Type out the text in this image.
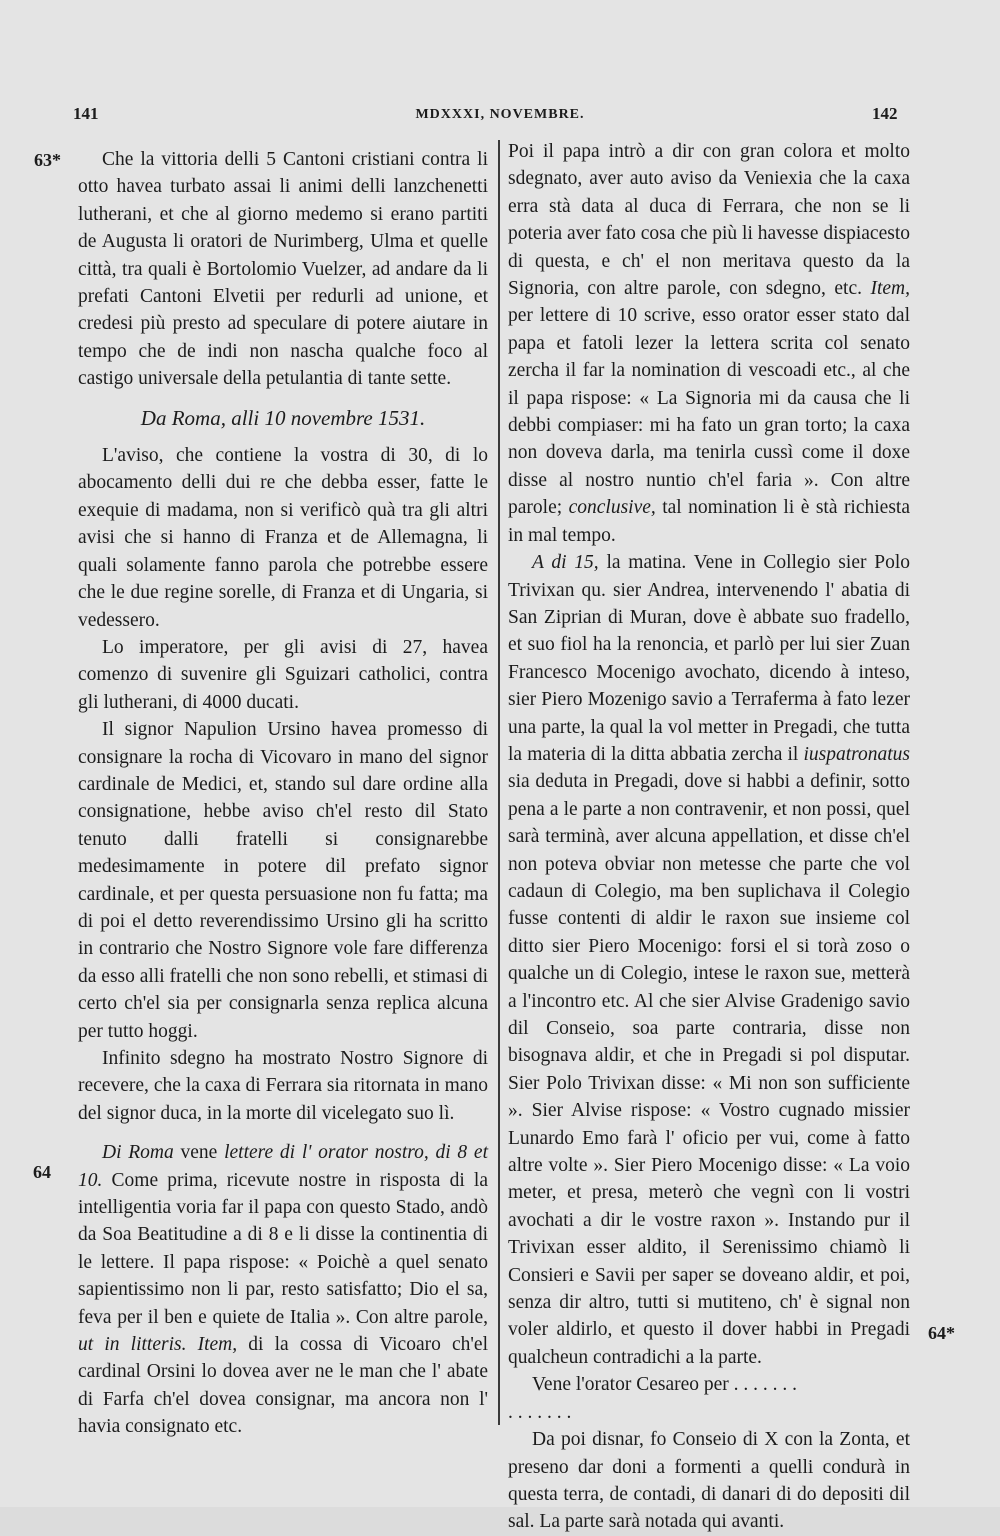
141	MDXXXI, NOVEMBRE.	142
63*
64
64*

Che la vittoria delli 5 Cantoni cristiani contra li otto havea turbato assai li animi delli lanzchenetti lutherani, et che al giorno medemo si erano partiti de Augusta li oratori de Nurimberg, Ulma et quelle città, tra quali è Bortolomio Vuelzer, ad andare da li prefati Cantoni Elvetii per redurli ad unione, et credesi più presto ad speculare di potere aiutare in tempo che de indi non nascha qualche foco al castigo universale della petulantia di tante sette.

Da Roma, alli 10 novembre 1531.

L'aviso, che contiene la vostra di 30, di lo abocamento delli dui re che debba esser, fatte le exequie di madama, non si verificò quà tra gli altri avisi che si hanno di Franza et de Allemagna, li quali solamente fanno parola che potrebbe essere che le due regine sorelle, di Franza et di Ungaria, si vedessero.

Lo imperatore, per gli avisi di 27, havea comenzo di suvenire gli Sguizari catholici, contra gli lutherani, di 4000 ducati.

Il signor Napulion Ursino havea promesso di consignare la rocha di Vicovaro in mano del signor cardinale de Medici, et, stando sul dare ordine alla consignatione, hebbe aviso ch'el resto dil Stato tenuto dalli fratelli si consignarebbe medesimamente in potere dil prefato signor cardinale, et per questa persuasione non fu fatta; ma di poi el detto reverendissimo Ursino gli ha scritto in contrario che Nostro Signore vole fare differenza da esso alli fratelli che non sono rebelli, et stimasi di certo ch'el sia per consignarla senza replica alcuna per tutto hoggi.

Infinito sdegno ha mostrato Nostro Signore di recevere, che la caxa di Ferrara sia ritornata in mano del signor duca, in la morte dil vicelegato suo lì.

Di Roma vene lettere di l' orator nostro, di 8 et 10. Come prima, ricevute nostre in risposta di la intelligentia voria far il papa con questo Stado, andò da Soa Beatitudine a di 8 e li disse la continentia di le lettere. Il papa rispose: « Poichè a quel senato sapientissimo non li par, resto satisfatto; Dio el sa, feva per il ben e quiete de Italia ». Con altre parole, ut in litteris. Item, di la cossa di Vicoaro ch'el cardinal Orsini lo dovea aver ne le man che l' abate di Farfa ch'el dovea consignar, ma ancora non l' havia consignato etc.

Poi il papa intrò a dir con gran colora et molto sdegnato, aver auto aviso da Veniexia che la caxa erra stà data al duca di Ferrara, che non se li poteria aver fato cosa che più li havesse dispiacesto di questa, e ch' el non meritava questo da la Signoria, con altre parole, con sdegno, etc. Item, per lettere di 10 scrive, esso orator esser stato dal papa et fatoli lezer la lettera scrita col senato zercha il far la nomination di vescoadi etc., al che il papa rispose: « La Signoria mi da causa che li debbi compiaser: mi ha fato un gran torto; la caxa non doveva darla, ma tenirla cussì come il doxe disse al nostro nuntio ch'el faria ». Con altre parole; conclusive, tal nomination li è stà richiesta in mal tempo.

A di 15, la matina. Vene in Collegio sier Polo Trivixan qu. sier Andrea, intervenendo l' abatia di San Ziprian di Muran, dove è abbate suo fradello, et suo fiol ha la renoncia, et parlò per lui sier Zuan Francesco Mocenigo avochato, dicendo à inteso, sier Piero Mozenigo savio a Terraferma à fato lezer una parte, la qual la vol metter in Pregadi, che tutta la materia di la ditta abbatia zercha il iuspatronatus sia deduta in Pregadi, dove si habbi a definir, sotto pena a le parte a non contravenir, et non possi, quel sarà terminà, aver alcuna appellation, et disse ch'el non poteva obviar non metesse che parte che vol cadaun di Colegio, ma ben suplichava il Colegio fusse contenti di aldir le raxon sue insieme col ditto sier Piero Mocenigo: forsi el si torà zoso o qualche un di Colegio, intese le raxon sue, metterà a l'incontro etc. Al che sier Alvise Gradenigo savio dil Conseio, soa parte contraria, disse non bisognava aldir, et che in Pregadi si pol disputar. Sier Polo Trivixan disse: « Mi non son sufficiente ». Sier Alvise rispose: « Vostro cugnado missier Lunardo Emo farà l' oficio per vui, come à fatto altre volte ». Sier Piero Mocenigo disse: « La voio meter, et presa, meterò che vegnì con li vostri avochati a dir le vostre raxon ». Instando pur il Trivixan esser aldito, il Serenissimo chiamò li Consieri e Savii per saper se doveano aldir, et poi, senza dir altro, tutti si mutiteno, ch' è signal non voler aldirlo, et questo il dover habbi in Pregadi qualcheun contradichi a la parte.

Vene l'orator Cesareo per . . . . . . .

. . . . . . .

Da poi disnar, fo Conseio di X con la Zonta, et preseno dar doni a formenti a quelli condurà in questa terra, de contadi, di danari di do depositi dil sal. La parte sarà notada qui avanti.
